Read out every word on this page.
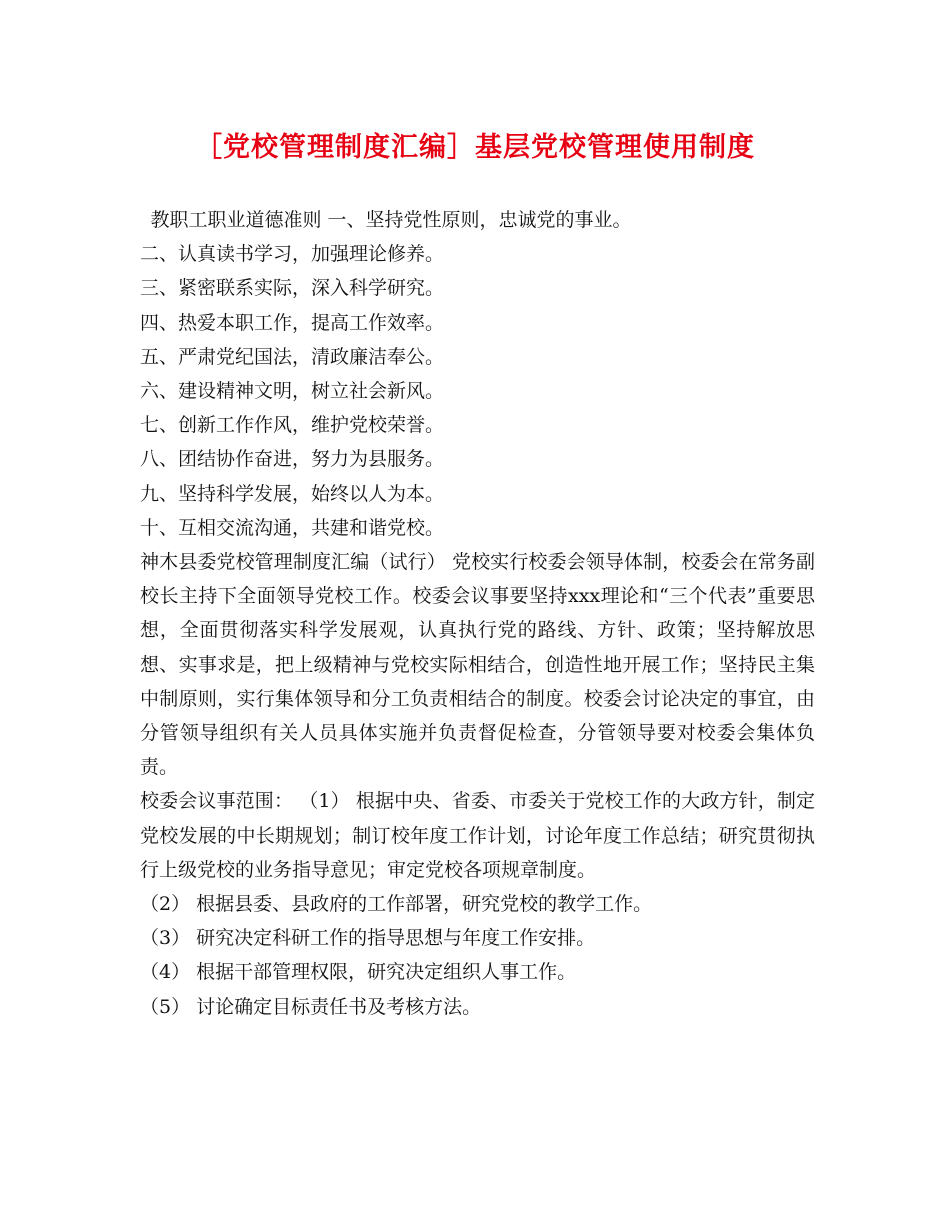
［党校管理制度汇编］基层党校管理使用制度

教职工职业道德准则 一、坚持党性原则，忠诚党的事业。

二、认真读书学习，加强理论修养。

三、紧密联系实际，深入科学研究。

四、热爱本职工作，提高工作效率。

五、严肃党纪国法，清政廉洁奉公。

六、建设精神文明，树立社会新风。

七、创新工作作风，维护党校荣誉。

八、团结协作奋进，努力为县服务。

九、坚持科学发展，始终以人为本。

十、互相交流沟通，共建和谐党校。

神木县委党校管理制度汇编（试行） 党校实行校委会领导体制，校委会在常务副校长主持下全面领导党校工作。校委会议事要坚持xxx理论和“三个代表”重要思想，全面贯彻落实科学发展观，认真执行党的路线、方针、政策；坚持解放思想、实事求是，把上级精神与党校实际相结合，创造性地开展工作；坚持民主集中制原则，实行集体领导和分工负责相结合的制度。校委会讨论决定的事宜，由分管领导组织有关人员具体实施并负责督促检查，分管领导要对校委会集体负责。

校委会议事范围： （1） 根据中央、省委、市委关于党校工作的大政方针，制定党校发展的中长期规划；制订校年度工作计划，讨论年度工作总结；研究贯彻执行上级党校的业务指导意见；审定党校各项规章制度。

（2） 根据县委、县政府的工作部署，研究党校的教学工作。

（3） 研究决定科研工作的指导思想与年度工作安排。

（4） 根据干部管理权限，研究决定组织人事工作。

（5） 讨论确定目标责任书及考核方法。
